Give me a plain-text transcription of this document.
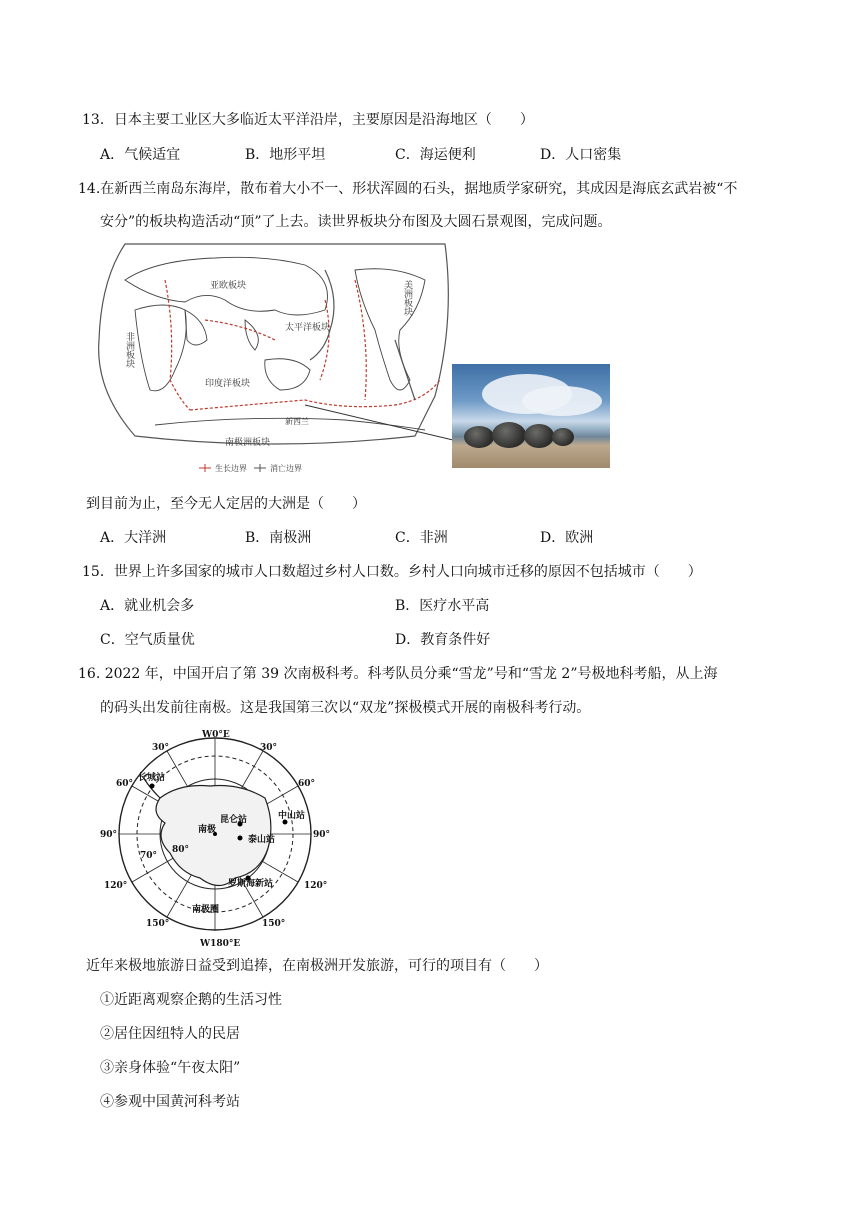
13．日本主要工业区大多临近太平洋沿岸，主要原因是沿海地区（　　）
A．气候适宜	B．地形平坦	C．海运便利	D．人口密集
14.在新西兰南岛东海岸，散布着大小不一、形状浑圆的石头，据地质学家研究，其成因是海底玄武岩被“不
安分”的板块构造活动“顶”了上去。读世界板块分布图及大圆石景观图，完成问题。
亚欧板块
非洲板块
太平洋板块
美洲板块
印度洋板块
南极洲板块
新西兰
生长边界	消亡边界
到目前为止，至今无人定居的大洲是（　　）
A．大洋洲	B．南极洲	C．非洲	D．欧洲
15．世界上许多国家的城市人口数超过乡村人口数。乡村人口向城市迁移的原因不包括城市（　　）
A．就业机会多	B．医疗水平高
C．空气质量优	D．教育条件好
16. 2022 年，中国开启了第 39 次南极科考。科考队员分乘“雪龙”号和“雪龙 2”号极地科考船，从上海
的码头出发前往南极。这是我国第三次以“双龙”探极模式开展的南极科考行动。
W0°E
W180°E
30°	30°
60°	60°
90°	90°
120°	120°
150°	150°
70°
80°
长城站
中山站
昆仑站
泰山站
南极
罗斯海新站
南极圈
近年来极地旅游日益受到追捧，在南极洲开发旅游，可行的项目有（　　）
①近距离观察企鹅的生活习性
②居住因纽特人的民居
③亲身体验“午夜太阳”
④参观中国黄河科考站
